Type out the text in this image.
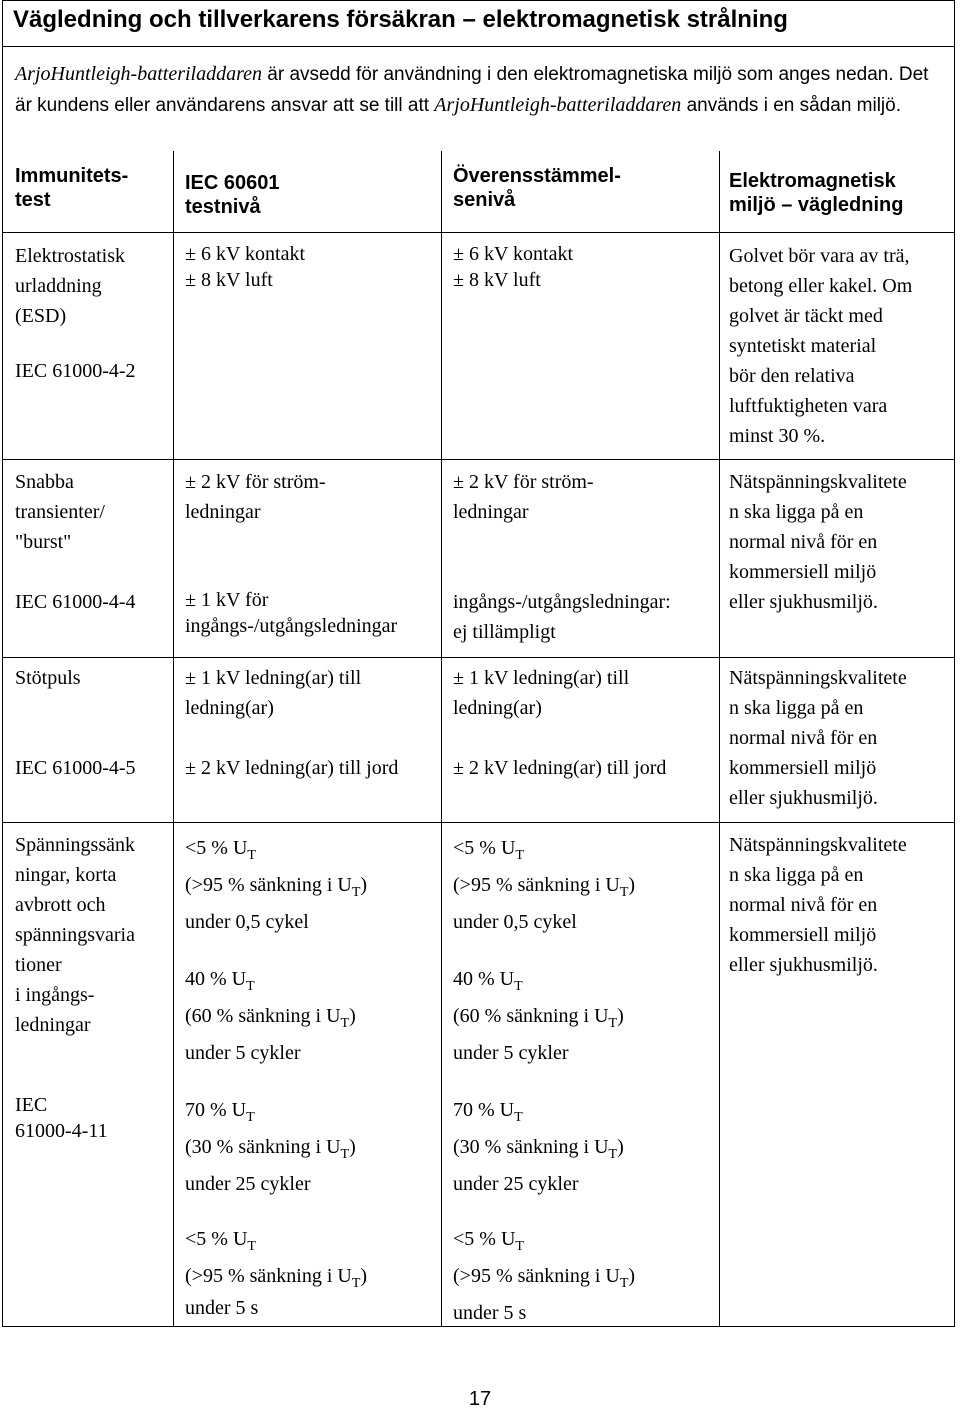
Vägledning och tillverkarens försäkran – elektromagnetisk strålning
ArjoHuntleigh-batteriladdaren är avsedd för användning i den elektromagnetiska miljö som anges nedan. Det är kundens eller användarens ansvar att se till att ArjoHuntleigh-batteriladdaren används i en sådan miljö.
Immunitets-
test
IEC 60601
testnivå
Överensstämmel-
senivå
Elektromagnetisk
miljö – vägledning
Elektrostatisk
urladdning
(ESD)
IEC 61000-4-2
± 6 kV kontakt
± 8 kV luft
± 6 kV kontakt
± 8 kV luft
Golvet bör vara av trä,
betong eller kakel. Om
golvet är täckt med
syntetiskt material
bör den relativa
luftfuktigheten vara
minst 30 %.
Snabba
transienter/
"burst"
IEC 61000-4-4
± 2 kV för ström-
ledningar
± 1 kV för
ingångs-/utgångsledningar
± 2 kV för ström-
ledningar
ingångs-/utgångsledningar:
ej tillämpligt
Nätspänningskvalitete
n ska ligga på en
normal nivå för en
kommersiell miljö
eller sjukhusmiljö.
Stötpuls
IEC 61000-4-5
± 1 kV ledning(ar) till
ledning(ar)
± 2 kV ledning(ar) till jord
± 1 kV ledning(ar) till
ledning(ar)
± 2 kV ledning(ar) till jord
Nätspänningskvalitete
n ska ligga på en
normal nivå för en
kommersiell miljö
eller sjukhusmiljö.
Spänningssänk
ningar, korta
avbrott och
spänningsvaria
tioner
i ingångs-
ledningar
IEC
61000-4-11
<5 % $U_T$
(>95 % sänkning i $U_T$)
under 0,5 cykel
40 % $U_T$
(60 % sänkning i $U_T$)
under 5 cykler
70 % $U_T$
(30 % sänkning i $U_T$)
under 25 cykler
<5 % $U_T$
(>95 % sänkning i $U_T$)
under 5 s
<5 % $U_T$
(>95 % sänkning i $U_T$)
under 0,5 cykel
40 % $U_T$
(60 % sänkning i $U_T$)
under 5 cykler
70 % $U_T$
(30 % sänkning i $U_T$)
under 25 cykler
<5 % $U_T$
(>95 % sänkning i $U_T$)
under 5 s
Nätspänningskvalitete
n ska ligga på en
normal nivå för en
kommersiell miljö
eller sjukhusmiljö.
17
